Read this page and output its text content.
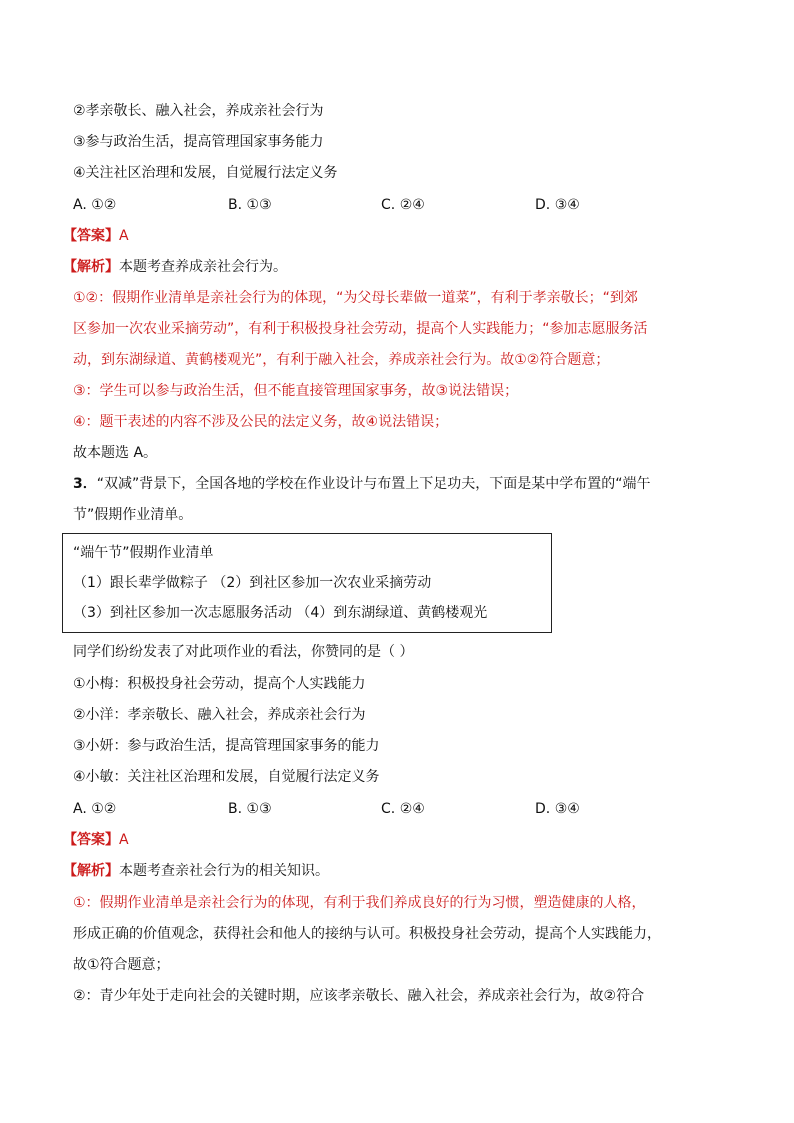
②孝亲敬长、融入社会，养成亲社会行为
③参与政治生活，提高管理国家事务能力
④关注社区治理和发展，自觉履行法定义务
A. ①②	B. ①③	C. ②④	D. ③④
【答案】A
【解析】本题考查养成亲社会行为。
①②：假期作业清单是亲社会行为的体现，“为父母长辈做一道菜”，有利于孝亲敬长；“到郊
区参加一次农业采摘劳动”，有利于积极投身社会劳动，提高个人实践能力；“参加志愿服务活
动，到东湖绿道、黄鹤楼观光”，有利于融入社会，养成亲社会行为。故①②符合题意；
③：学生可以参与政治生活，但不能直接管理国家事务，故③说法错误；
④：题干表述的内容不涉及公民的法定义务，故④说法错误；
故本题选 A。
3．“双减”背景下，全国各地的学校在作业设计与布置上下足功夫，下面是某中学布置的“端午
节”假期作业清单。
“端午节”假期作业清单
（1）跟长辈学做粽子 （2）到社区参加一次农业采摘劳动
（3）到社区参加一次志愿服务活动 （4）到东湖绿道、黄鹤楼观光
同学们纷纷发表了对此项作业的看法，你赞同的是（ ）
①小梅：积极投身社会劳动，提高个人实践能力
②小洋：孝亲敬长、融入社会，养成亲社会行为
③小妍：参与政治生活，提高管理国家事务的能力
④小敏：关注社区治理和发展，自觉履行法定义务
A. ①②	B. ①③	C. ②④	D. ③④
【答案】A
【解析】本题考查亲社会行为的相关知识。
①：假期作业清单是亲社会行为的体现，有利于我们养成良好的行为习惯，塑造健康的人格，
形成正确的价值观念，获得社会和他人的接纳与认可。积极投身社会劳动，提高个人实践能力，
故①符合题意；
②：青少年处于走向社会的关键时期，应该孝亲敬长、融入社会，养成亲社会行为，故②符合
